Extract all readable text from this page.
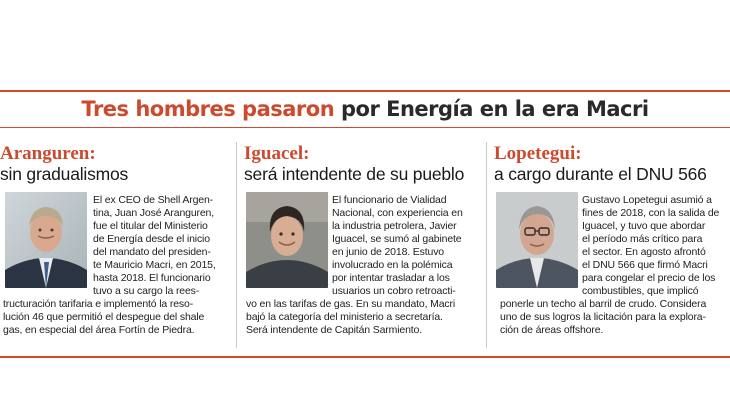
Tres hombres pasaron por Energía en la era Macri
Aranguren:
sin gradualismos
El ex CEO de Shell Argen-
tina, Juan José Aranguren,
fue el titular del Ministerio
de Energía desde el inicio
del mandato del presiden-
te Mauricio Macri, en 2015,
hasta 2018. El funcionario
tuvo a su cargo la rees-
tructuración tarifaria e implementó la reso-
lución 46 que permitió el despegue del shale
gas, en especial del área Fortín de Piedra.
Iguacel:
será intendente de su pueblo
El funcionario de Vialidad
Nacional, con experiencia en
la industria petrolera, Javier
Iguacel, se sumó al gabinete
en junio de 2018. Estuvo
involucrado en la polémica
por intentar trasladar a los
usuarios un cobro retroacti-
vo en las tarifas de gas. En su mandato, Macri
bajó la categoría del ministerio a secretaría.
Será intendente de Capitán Sarmiento.
Lopetegui:
a cargo durante el DNU 566
Gustavo Lopetegui asumió a
fines de 2018, con la salida de
Iguacel, y tuvo que abordar
el período más crítico para
el sector. En agosto afrontó
el DNU 566 que firmó Macri
para congelar el precio de los
combustibles, que implicó
ponerle un techo al barril de crudo. Considera
uno de sus logros la licitación para la explora-
ción de áreas offshore.
